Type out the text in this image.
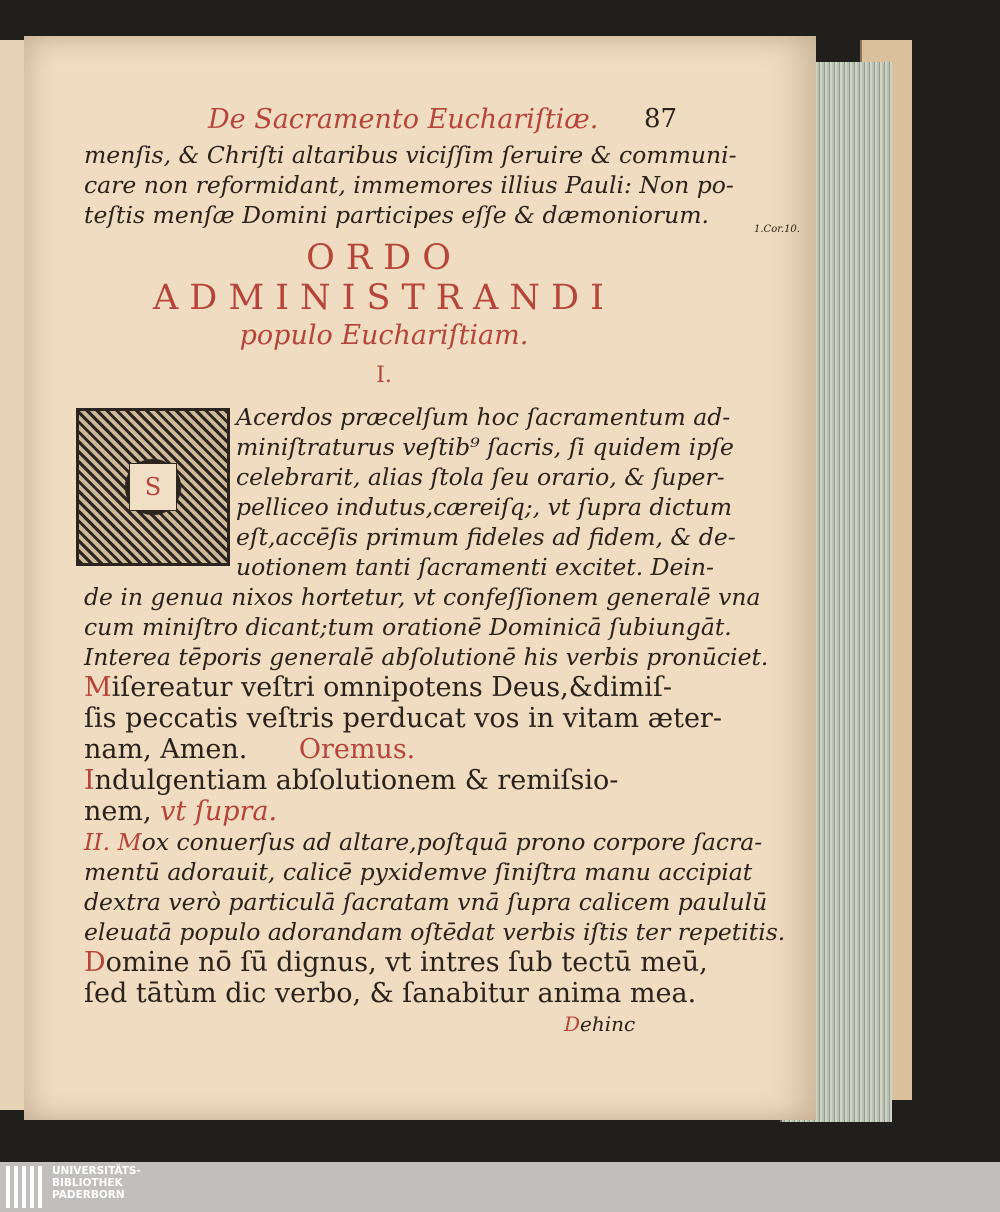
De Sacramento Euchariſtiæ. 87
menſis, & Chriſti altaribus viciſſim ſeruire & communi-
care non reformidant, immemores illius Pauli: Non po-
teſtis menſæ Domini participes eſſe & dæmoniorum.
1.Cor.10.
ORDO ADMINISTRANDI
populo Euchariſtiam.
I.
S
Acerdos præcelſum hoc ſacramentum ad-
miniſtraturus veſtib⁹ ſacris, ſi quidem ipſe
celebrarit, alias ſtola ſeu orario, & ſuper-
pelliceo indutus,cæreiſq;, vt ſupra dictum
eſt,accēſis primum fideles ad fidem, & de-
uotionem tanti ſacramenti excitet. Dein-
de in genua nixos hortetur, vt confeſſionem generalē vna
cum miniſtro dicant;tum orationē Dominicā ſubiungāt.
Interea tēporis generalē abſolutionē his verbis pronūciet.
Miſereatur veſtri omnipotens Deus,&dimiſ-
ſis peccatis veſtris perducat vos in vitam æter-
nam, Amen. Oremus.
Indulgentiam abſolutionem & remiſsio-
nem, vt ſupra.
II. Mox conuerſus ad altare,poſtquā prono corpore ſacra-
mentū adorauit, calicē pyxidemve ſiniſtra manu accipiat
dextra verò particulā ſacratam vnā ſupra calicem paululū
eleuatā populo adorandam oſtēdat verbis iſtis ter repetitis.
Domine nō ſū dignus, vt intres ſub tectū meū,
ſed tātùm dic verbo, & ſanabitur anima mea.
Dehinc
UNIVERSITÄTS-
BIBLIOTHEK
PADERBORN
